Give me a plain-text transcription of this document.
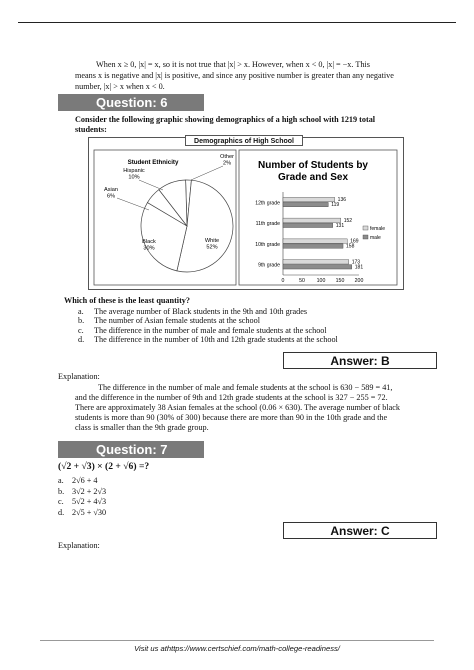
When x ≥ 0, |x| = x, so it is not true that |x| > x. However, when x < 0, |x| = −x. This
means x is negative and |x| is positive, and since any positive number is greater than any negative
number, |x| > x when x < 0.
Question: 6
Consider the following graphic showing demographics of a high school with 1219 total
students:
Demographics of High School
Student Ethnicity
Other 2%
White 52%
Black 30%
Asian 6%
Hispanic 10%
Number of Students by
Grade and Sex
0	50 100 150 200
12th grade
136
119
11th grade
152
131
10th grade
169
158
9th grade
173
181
female
male
Which of these is the least quantity?
a.	The average number of Black students in the 9th and 10th grades
b.	The number of Asian female students at the school
c.	The difference in the number of male and female students at the school
d.	The difference in the number of 10th and 12th grade students at the school
Answer: B
Explanation:
The difference in the number of male and female students at the school is 630 − 589 = 41,
and the difference in the number of 9th and 12th grade students at the school is 327 − 255 = 72.
There are approximately 38 Asian females at the school (0.06 × 630). The average number of black
students is more than 90 (30% of 300) because there are more than 90 in the 10th grade and the
class is smaller than the 9th grade group.
Question: 7
(√2 + √3) × (2 + √6) =?
a.	2√6 + 4
b. 3√2 + 2√3
c.	5√2 + 4√3
d. 2√5 + √30
Answer: C
Explanation:
Visit us athttps://www.certschief.com/math-college-readiness/
